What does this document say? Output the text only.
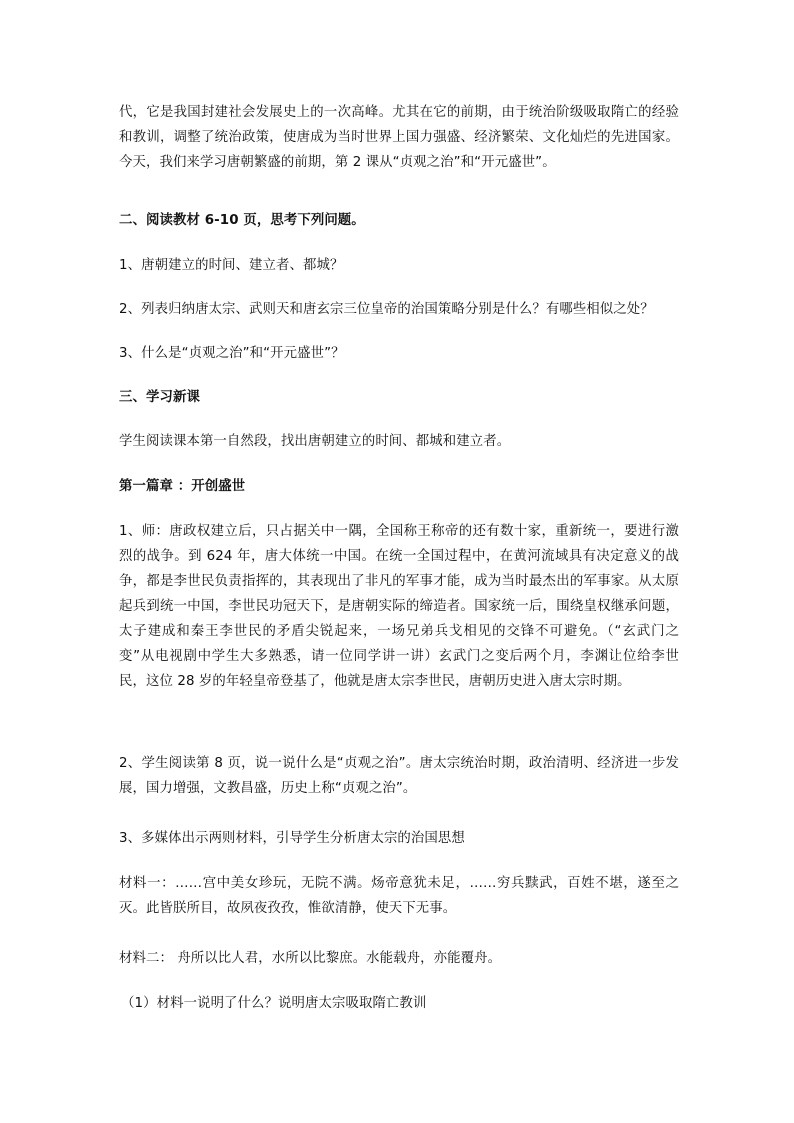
代，它是我国封建社会发展史上的一次高峰。尤其在它的前期，由于统治阶级吸取隋亡的经验和教训，调整了统治政策，使唐成为当时世界上国力强盛、经济繁荣、文化灿烂的先进国家。今天，我们来学习唐朝繁盛的前期，第 2 课从“贞观之治”和“开元盛世”。
二、阅读教材 6-10 页，思考下列问题。
1、唐朝建立的时间、建立者、都城？
2、列表归纳唐太宗、武则天和唐玄宗三位皇帝的治国策略分别是什么？有哪些相似之处？
3、什么是“贞观之治”和“开元盛世”？
三、学习新课
学生阅读课本第一自然段，找出唐朝建立的时间、都城和建立者。
第一篇章 ：开创盛世
1、师：唐政权建立后，只占据关中一隅，全国称王称帝的还有数十家，重新统一，要进行激烈的战争。到 624 年，唐大体统一中国。在统一全国过程中，在黄河流域具有决定意义的战争，都是李世民负责指挥的，其表现出了非凡的军事才能，成为当时最杰出的军事家。从太原起兵到统一中国，李世民功冠天下，是唐朝实际的缔造者。国家统一后，围绕皇权继承问题，太子建成和秦王李世民的矛盾尖锐起来，一场兄弟兵戈相见的交锋不可避免。（“玄武门之变”从电视剧中学生大多熟悉，请一位同学讲一讲）玄武门之变后两个月，李渊让位给李世民，这位 28 岁的年轻皇帝登基了，他就是唐太宗李世民，唐朝历史进入唐太宗时期。
2、学生阅读第 8 页，说一说什么是“贞观之治”。唐太宗统治时期，政治清明、经济进一步发展，国力增强，文教昌盛，历史上称“贞观之治”。
3、多媒体出示两则材料，引导学生分析唐太宗的治国思想
材料一：……宫中美女珍玩，无院不满。炀帝意犹未足，……穷兵黩武，百姓不堪，遂至之灭。此皆朕所目，故夙夜孜孜，惟欲清静，使天下无事。
材料二： 舟所以比人君，水所以比黎庶。水能载舟，亦能覆舟。
（1）材料一说明了什么？说明唐太宗吸取隋亡教训
